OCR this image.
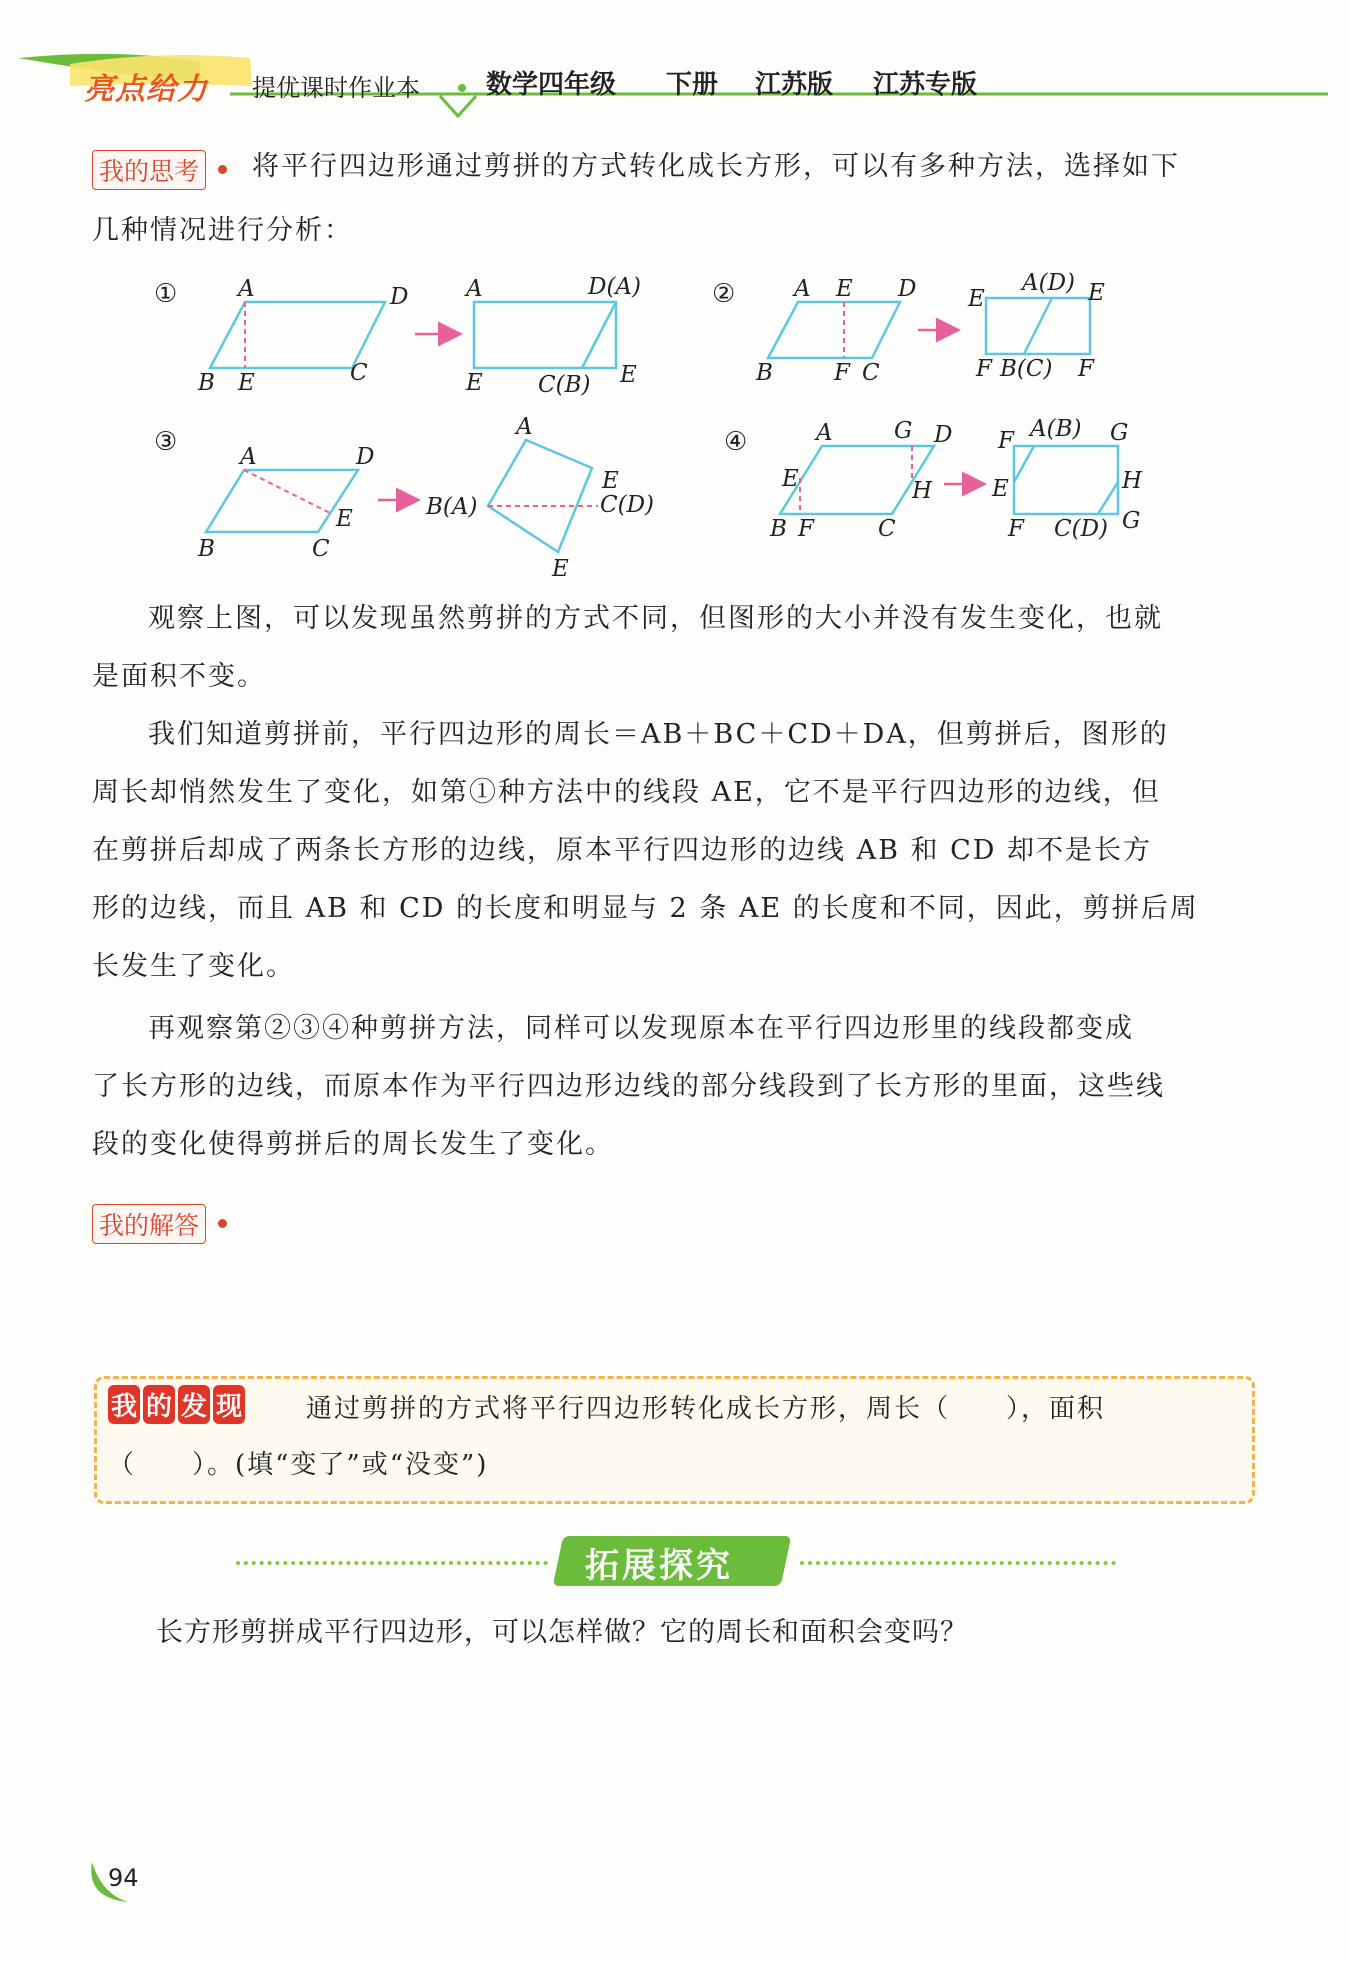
亮点给力 提优课时作业本	数学四年级 下册 江苏版 江苏专版
我的思考 将平行四边形通过剪拼的方式转化成长方形，可以有多种方法，选择如下
几种情况进行分析：
①	A	D
B E	C
A	D(A)
E C(B) E
②	A E D
B	F C
E
A(D) E
F B(C) F
③	A	D
E
B	C
A
B(A)
E
C(D)
E
④	A	G D
E	H
B F	C
F A(B) G
E	H
F C(D) G
观察上图，可以发现虽然剪拼的方式不同，但图形的大小并没有发生变化，也就
是面积不变。
我们知道剪拼前，平行四边形的周长＝AB＋BC＋CD＋DA，但剪拼后，图形的
周长却悄然发生了变化，如第①种方法中的线段 AE，它不是平行四边形的边线，但
在剪拼后却成了两条长方形的边线，原本平行四边形的边线 AB 和 CD 却不是长方
形的边线，而且 AB 和 CD 的长度和明显与 2 条 AE 的长度和不同，因此，剪拼后周
长发生了变化。
再观察第②③④种剪拼方法，同样可以发现原本在平行四边形里的线段都变成
了长方形的边线，而原本作为平行四边形边线的部分线段到了长方形的里面，这些线
段的变化使得剪拼后的周长发生了变化。
我的解答
我 的 发 现 通过剪拼的方式将平行四边形转化成长方形，周长（　　），面积
（　　）。(填“变了”或“没变”)
拓展探究
长方形剪拼成平行四边形，可以怎样做？它的周长和面积会变吗？
94
